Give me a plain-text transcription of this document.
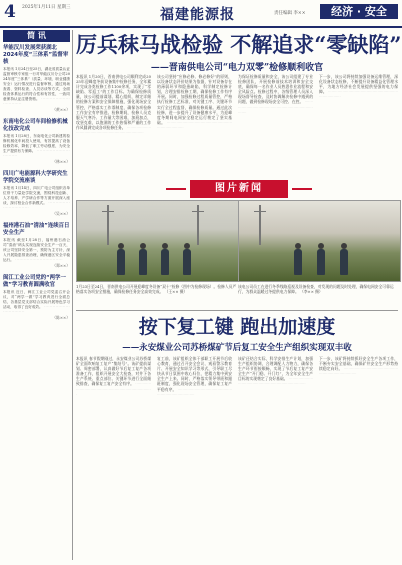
4 2025年1月11日 星期三	福建能源报	责任编辑 李××	经济 · 安全
简 讯
华能汉川发展荣获湖北2024年度“三体系”监督审核
本报讯 1月24日至25日，湖北省质量认证监督审核专家组一行对华能汉川分公司2024年度“三体系”（质量、环境、职业健康安全）运行情况进行监督审核，通过现场查看、资料检查、人员访谈等方式，全面检查体系运行的符合性和有效性，一致同意保持认证注册资格。 ·····
（黄××）
东南电化公司车间检修机械化技改完成
本报讯 1月28日，东南电化公司新建的检修机械化车间投入使用，有效提高了设备检修效率，降低了职工劳动强度，为安全生产提供有力保障。 ·····
（林××）
四川广电能源科大学研究生学院交流座谈
本报讯 1月14日，四川广电公司组织各单位骨干力量赴学院交流，围绕科技创新、人才培养、产学研合作等方面开展深入座谈，探讨校企合作新模式。 ·····
（吴××）
福州港石油“清油”连续百日安全生产
本报讯 截至1月28日，福州港石油公司“清油”码头实现连续安全生产一百天，该公司坚持安全第一、预防为主方针，深入开展隐患排查治理，确保港区安全平稳运行。 ·····
（郑××）
闽江工业公司党的“两学一做”学习教育圆满收官
本报讯 近日，闽江工业公司党委召开会议，对“两学一做”学习教育进行全面总结，各基层党支部结合实际开展特色学习活动，取得了良好成效。 ·····
（陈××）
厉兵秣马战检验 不解追求“零缺陷”
——晋南供电公司“电力双零”检修顺利收官
本报讯 1月20日，晋南供电公司顺利完成2025年迎峰度冬前设备集中检修任务，全年累计完成各类检修工作1100余项，实现了“零缺陷、零返工”的工作目标。为确保检修质量，该公司提前谋划、精心组织，制定详细的检修方案和安全保障措施，强化现场安全管控，严格落实工作票制度，确保各项检修工作安全有序推进。检修期间，检修人员克服天气寒冷、工作量大等困难，加班加点，攻坚克难，以饱满的工作热情和严谨的工作作风圆满完成各项检修任务。 ·····
该公司坚持“应修必修、修必修好”的原则，以设备状态评价结果为依据，针对设备存在的薄弱环节和隐患缺陷，科学制定检修计划，合理安排检修工期，确保检修工作有序开展。同时，加强检修过程质量管控，严格执行检修工艺标准，对关键工序、关键环节实行全过程监督，确保检修质量。通过此次检修，进一步提升了设备健康水平，为迎峰度冬期间电网安全稳定运行奠定了坚实基础。 ·····
为保证检修质量和安全，该公司组建了专业检修团队，开展检修前技术培训和安全交底，确保每一名作业人员熟悉作业流程和安全风险点。检修过程中，各级管理人员深入现场督导检查，及时协调解决检修中遇到的问题，做到检修现场安全可控、在控。 ·····
下一步，该公司将持续加强设备运维管理，深化设备状态检修，不断提升设备精益化管理水平，为地方经济社会发展提供坚强的电力保障。 ·····
图片新闻
1月23日至24日，晋南供电公司开展迎峰度冬设备“双十”检修（图中为检修现场）。检修人员严格落实各项安全措施，确保检修任务安全高效完成。 （王×× 摄）
该电公司员工在进行冬季线路巡视及设备检查，对发现的问题及时处理，确保电网安全可靠运行，为群众温暖过冬提供电力保障。 （李×× 摄）
按下复工键 跑出加速度
——永安煤业公司苏桥煤矿节后复工安全生产组织实现双丰收
本报讯 春节假期刚过，永安煤业公司苏桥煤矿全面吹响复工复产“集结号”。该矿提前谋划、周密部署，认真做好节后复工复产各项准备工作，组织开展安全大检查，对井下各生产系统、重点部位、关键环节进行全面细致排查，确保复工复产安全有序。 ·····
复工前，该矿组织全体干部职工开展节后收心教育，通过召开安全会议、观看警示教育片、开展安全知识学习等形式，引导职工尽快从节日氛围中收心归位，把精力集中到安全生产上来。同时，严格落实领导带班和跟班制度，强化现场安全管理，确保复工复产平稳有序。 ·····
该矿还结合实际，科学安排生产计划，加强生产组织协调，合理调配人力物力，确保各生产环节衔接顺畅，实现了节后复工复产安全生产“开门稳、开门红”，为全年安全生产目标的实现奠定了良好基础。 ·····
下一步，该矿将持续抓好安全生产各项工作，不断夯实安全基础，确保矿井安全生产形势持续稳定向好。 ·····
